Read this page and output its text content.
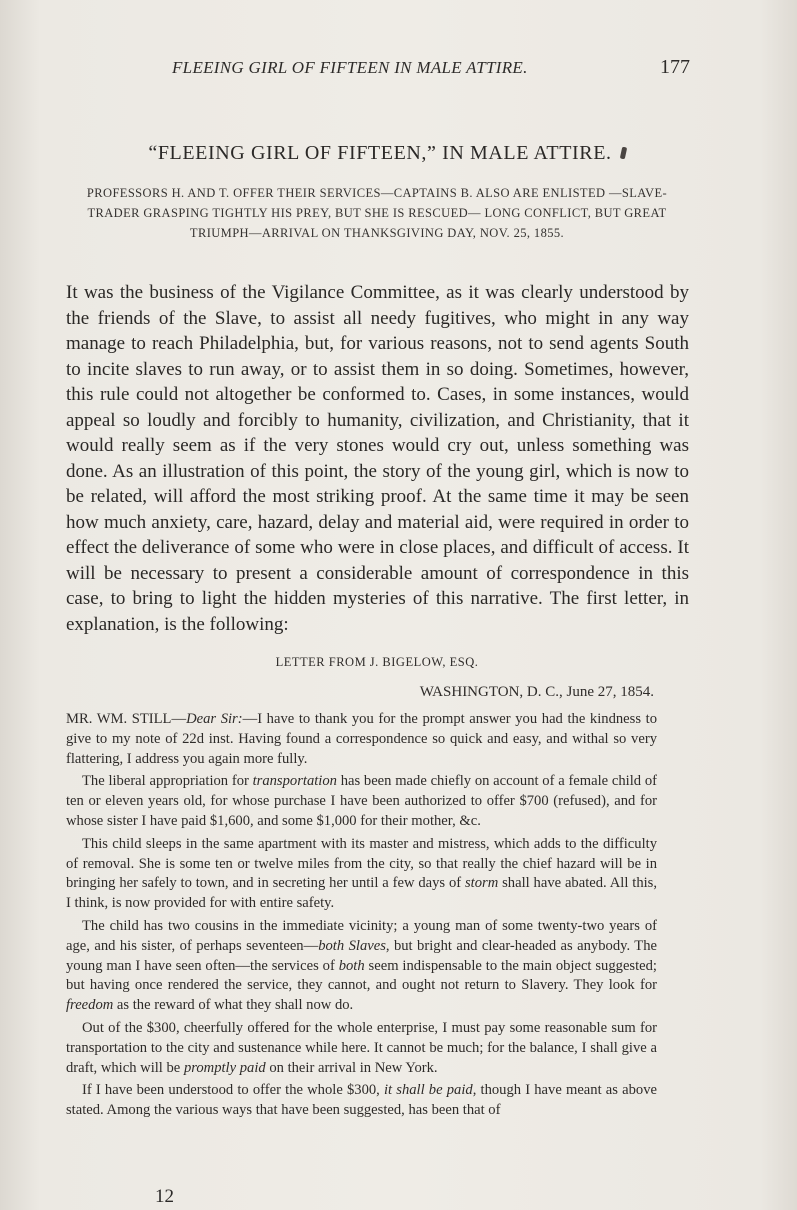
FLEEING GIRL OF FIFTEEN IN MALE ATTIRE.	177
“FLEEING GIRL OF FIFTEEN,” IN MALE ATTIRE.
PROFESSORS H. AND T. OFFER THEIR SERVICES—CAPTAINS B. ALSO ARE ENLISTED —SLAVE-TRADER GRASPING TIGHTLY HIS PREY, BUT SHE IS RESCUED— LONG CONFLICT, BUT GREAT TRIUMPH—ARRIVAL ON THANKSGIVING DAY, NOV. 25, 1855.

It was the business of the Vigilance Committee, as it was clearly understood by the friends of the Slave, to assist all needy fugitives, who might in any way manage to reach Philadelphia, but, for various reasons, not to send agents South to incite slaves to run away, or to assist them in so doing. Sometimes, however, this rule could not altogether be conformed to. Cases, in some instances, would appeal so loudly and forcibly to humanity, civilization, and Christianity, that it would really seem as if the very stones would cry out, unless something was done. As an illustration of this point, the story of the young girl, which is now to be related, will afford the most striking proof. At the same time it may be seen how much anxiety, care, hazard, delay and material aid, were required in order to effect the deliverance of some who were in close places, and difficult of access. It will be necessary to present a considerable amount of correspondence in this case, to bring to light the hidden mysteries of this narrative. The first letter, in explanation, is the following:

LETTER FROM J. BIGELOW, ESQ.
WASHINGTON, D. C., June 27, 1854.

MR. WM. STILL—Dear Sir:—I have to thank you for the prompt answer you had the kindness to give to my note of 22d inst. Having found a correspondence so quick and easy, and withal so very flattering, I address you again more fully.

The liberal appropriation for transportation has been made chiefly on account of a female child of ten or eleven years old, for whose purchase I have been authorized to offer $700 (refused), and for whose sister I have paid $1,600, and some $1,000 for their mother, &c.

This child sleeps in the same apartment with its master and mistress, which adds to the difficulty of removal. She is some ten or twelve miles from the city, so that really the chief hazard will be in bringing her safely to town, and in secreting her until a few days of storm shall have abated. All this, I think, is now provided for with entire safety.

The child has two cousins in the immediate vicinity; a young man of some twenty-two years of age, and his sister, of perhaps seventeen—both Slaves, but bright and clear-headed as anybody. The young man I have seen often—the services of both seem indispensable to the main object suggested; but having once rendered the service, they cannot, and ought not return to Slavery. They look for freedom as the reward of what they shall now do.

Out of the $300, cheerfully offered for the whole enterprise, I must pay some reasonable sum for transportation to the city and sustenance while here. It cannot be much; for the balance, I shall give a draft, which will be promptly paid on their arrival in New York.

If I have been understood to offer the whole $300, it shall be paid, though I have meant as above stated. Among the various ways that have been suggested, has been that of

12
